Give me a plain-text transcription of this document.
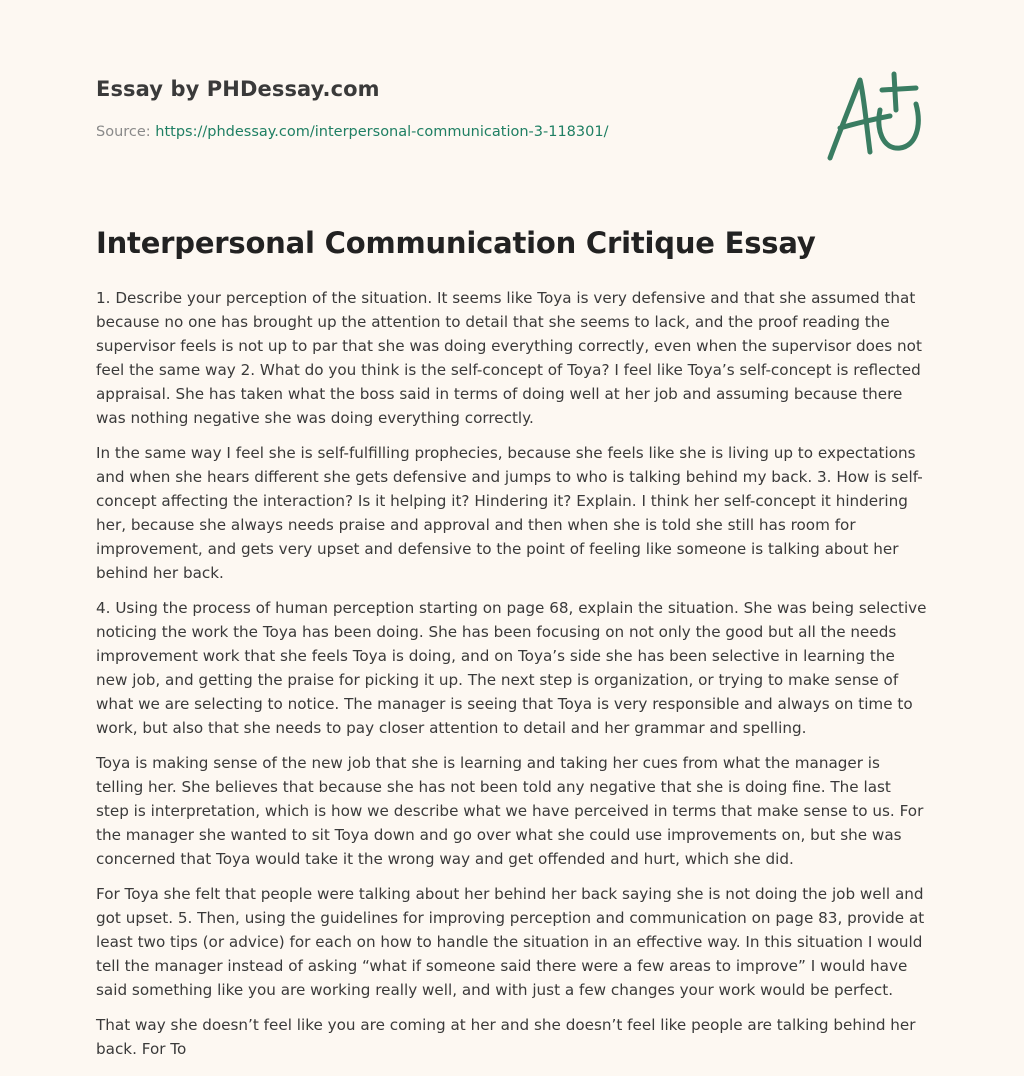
Essay by PHDessay.com
Source: https://phdessay.com/interpersonal-communication-3-118301/
Interpersonal Communication Critique Essay

1. Describe your perception of the situation. It seems like Toya is very defensive and that she assumed that because no one has brought up the attention to detail that she seems to lack, and the proof reading the supervisor feels is not up to par that she was doing everything correctly, even when the supervisor does not feel the same way 2. What do you think is the self-concept of Toya? I feel like Toya’s self-concept is reflected appraisal. She has taken what the boss said in terms of doing well at her job and assuming because there was nothing negative she was doing everything correctly.

In the same way I feel she is self-fulfilling prophecies, because she feels like she is living up to expectations and when she hears different she gets defensive and jumps to who is talking behind my back. 3. How is self-concept affecting the interaction? Is it helping it? Hindering it? Explain. I think her self-concept it hindering her, because she always needs praise and approval and then when she is told she still has room for improvement, and gets very upset and defensive to the point of feeling like someone is talking about her behind her back.

4. Using the process of human perception starting on page 68, explain the situation. She was being selective noticing the work the Toya has been doing. She has been focusing on not only the good but all the needs improvement work that she feels Toya is doing, and on Toya’s side she has been selective in learning the new job, and getting the praise for picking it up. The next step is organization, or trying to make sense of what we are selecting to notice. The manager is seeing that Toya is very responsible and always on time to work, but also that she needs to pay closer attention to detail and her grammar and spelling.

Toya is making sense of the new job that she is learning and taking her cues from what the manager is telling her. She believes that because she has not been told any negative that she is doing fine. The last step is interpretation, which is how we describe what we have perceived in terms that make sense to us. For the manager she wanted to sit Toya down and go over what she could use improvements on, but she was concerned that Toya would take it the wrong way and get offended and hurt, which she did.

For Toya she felt that people were talking about her behind her back saying she is not doing the job well and got upset. 5. Then, using the guidelines for improving perception and communication on page 83, provide at least two tips (or advice) for each on how to handle the situation in an effective way. In this situation I would tell the manager instead of asking “what if someone said there were a few areas to improve” I would have said something like you are working really well, and with just a few changes your work would be perfect.

That way she doesn’t feel like you are coming at her and she doesn’t feel like people are talking behind her back. For To
